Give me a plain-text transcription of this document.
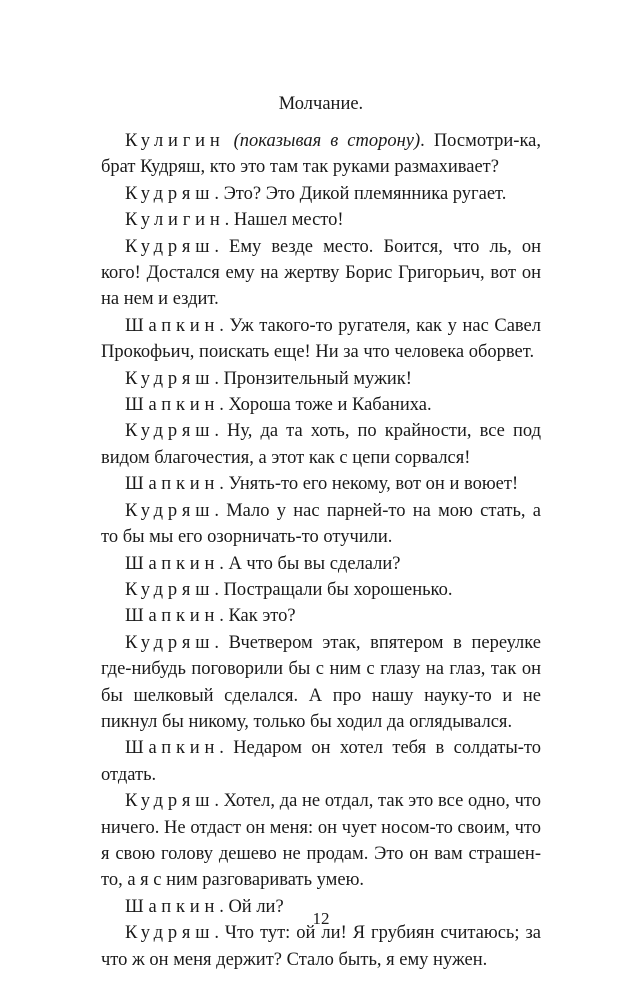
Молчание.

Кулигин (показывая в сторону). Посмотри-ка, брат Кудряш, кто это там так руками размахивает?

Кудряш. Это? Это Дикой племянника ругает.

Кулигин. Нашел место!

Кудряш. Ему везде место. Боится, что ль, он кого! Достался ему на жертву Борис Григорьич, вот он на нем и ездит.

Шапкин. Уж такого-то ругателя, как у нас Савел Прокофьич, поискать еще! Ни за что человека оборвет.

Кудряш. Пронзительный мужик!

Шапкин. Хороша тоже и Кабаниха.

Кудряш. Ну, да та хоть, по крайности, все под видом благочестия, а этот как с цепи сорвался!

Шапкин. Унять-то его некому, вот он и воюет!

Кудряш. Мало у нас парней-то на мою стать, а то бы мы его озорничать-то отучили.

Шапкин. А что бы вы сделали?

Кудряш. Постращали бы хорошенько.

Шапкин. Как это?

Кудряш. Вчетвером этак, впятером в переулке где-нибудь поговорили бы с ним с глазу на глаз, так он бы шелковый сделался. А про нашу науку-то и не пикнул бы никому, только бы ходил да оглядывался.

Шапкин. Недаром он хотел тебя в солдаты-то отдать.

Кудряш. Хотел, да не отдал, так это все одно, что ничего. Не отдаст он меня: он чует носом-то своим, что я свою голову дешево не продам. Это он вам страшен-то, а я с ним разговаривать умею.

Шапкин. Ой ли?

Кудряш. Что тут: ой ли! Я грубиян считаюсь; за что ж он меня держит? Стало быть, я ему нужен.

12
